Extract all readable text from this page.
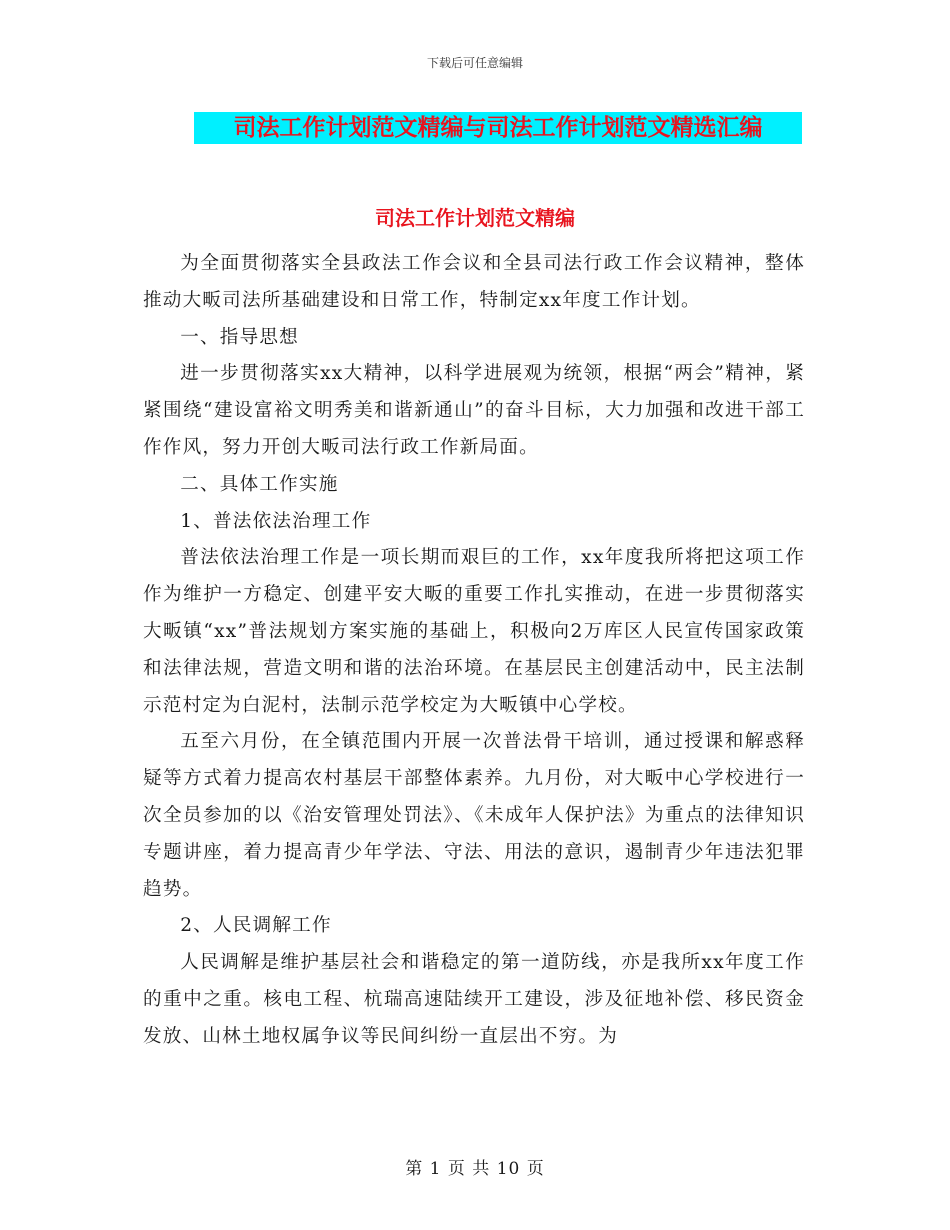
下载后可任意编辑
司法工作计划范文精编与司法工作计划范文精选汇编
司法工作计划范文精编

为全面贯彻落实全县政法工作会议和全县司法行政工作会议精神，整体推动大畈司法所基础建设和日常工作，特制定xx年度工作计划。

一、指导思想

进一步贯彻落实xx大精神，以科学进展观为统领，根据“两会”精神，紧紧围绕“建设富裕文明秀美和谐新通山”的奋斗目标，大力加强和改进干部工作作风，努力开创大畈司法行政工作新局面。

二、具体工作实施

1、普法依法治理工作

普法依法治理工作是一项长期而艰巨的工作，xx年度我所将把这项工作作为维护一方稳定、创建平安大畈的重要工作扎实推动，在进一步贯彻落实大畈镇“xx”普法规划方案实施的基础上，积极向2万库区人民宣传国家政策和法律法规，营造文明和谐的法治环境。在基层民主创建活动中，民主法制示范村定为白泥村，法制示范学校定为大畈镇中心学校。

五至六月份，在全镇范围内开展一次普法骨干培训，通过授课和解惑释疑等方式着力提高农村基层干部整体素养。九月份，对大畈中心学校进行一次全员参加的以《治安管理处罚法》、《未成年人保护法》为重点的法律知识专题讲座，着力提高青少年学法、守法、用法的意识，遏制青少年违法犯罪趋势。

2、人民调解工作

人民调解是维护基层社会和谐稳定的第一道防线，亦是我所xx年度工作的重中之重。核电工程、杭瑞高速陆续开工建设，涉及征地补偿、移民资金发放、山林土地权属争议等民间纠纷一直层出不穷。为

第 1 页 共 10 页
